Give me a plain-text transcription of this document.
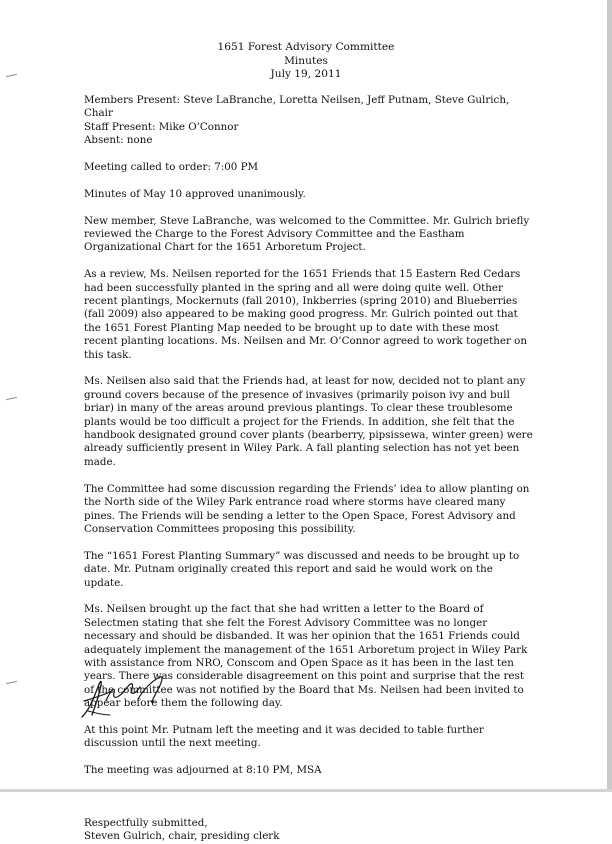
1651 Forest Advisory Committee
Minutes
July 19, 2011

Members Present: Steve LaBranche, Loretta Neilsen, Jeff Putnam, Steve Gulrich, Chair

Staff Present: Mike O’Connor

Absent: none

Meeting called to order: 7:00 PM

Minutes of May 10 approved unanimously.

New member, Steve LaBranche, was welcomed to the Committee. Mr. Gulrich briefly reviewed the Charge to the Forest Advisory Committee and the Eastham Organizational Chart for the 1651 Arboretum Project.

As a review, Ms. Neilsen reported for the 1651 Friends that 15 Eastern Red Cedars had been successfully planted in the spring and all were doing quite well. Other recent plantings, Mockernuts (fall 2010), Inkberries (spring 2010) and Blueberries (fall 2009) also appeared to be making good progress. Mr. Gulrich pointed out that the 1651 Forest Planting Map needed to be brought up to date with these most recent planting locations. Ms. Neilsen and Mr. O’Connor agreed to work together on this task.

Ms. Neilsen also said that the Friends had, at least for now, decided not to plant any ground covers because of the presence of invasives (primarily poison ivy and bull briar) in many of the areas around previous plantings. To clear these troublesome plants would be too difficult a project for the Friends. In addition, she felt that the handbook designated ground cover plants (bearberry, pipsissewa, winter green) were already sufficiently present in Wiley Park. A fall planting selection has not yet been made.

The Committee had some discussion regarding the Friends’ idea to allow planting on the North side of the Wiley Park entrance road where storms have cleared many pines. The Friends will be sending a letter to the Open Space, Forest Advisory and Conservation Committees proposing this possibility.

The “1651 Forest Planting Summary” was discussed and needs to be brought up to date. Mr. Putnam originally created this report and said he would work on the update.

Ms. Neilsen brought up the fact that she had written a letter to the Board of Selectmen stating that she felt the Forest Advisory Committee was no longer necessary and should be disbanded. It was her opinion that the 1651 Friends could adequately implement the management of the 1651 Arboretum project in Wiley Park with assistance from NRO, Conscom and Open Space as it has been in the last ten years. There was considerable disagreement on this point and surprise that the rest of the committee was not notified by the Board that Ms. Neilsen had been invited to appear before them the following day.

At this point Mr. Putnam left the meeting and it was decided to table further discussion until the next meeting.

The meeting was adjourned at 8:10 PM, MSA

Respectfully submitted,

Steven Gulrich, chair, presiding clerk
